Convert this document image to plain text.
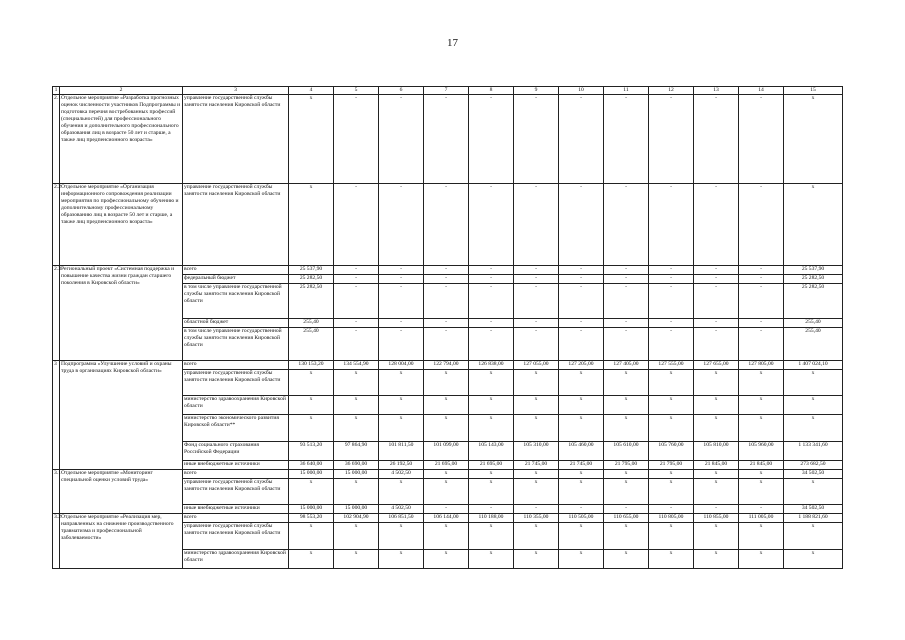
17
1	2	3	4	5	6	7	8	9	10	11	12	13	14	15
2.1	Отдельное мероприятие «Разработка прогнозных оценок численности участников Подпрограммы и подготовка перечня востребованных профессий (специальностей) для профессионального обучения и дополнительного профессионального образования лиц в возрасте 50 лет и старше, а также лиц предпенсионного возраста»	управление государственной службы занятости населения Кировской области	x	-	-	-	-	-	-	-	-	-	-	x
2.2	Отдельное мероприятие «Организация информационного сопровождения реализации мероприятия по профессиональному обучению и дополнительному профессиональному образованию лиц в возрасте 50 лет и старше, а также лиц предпенсионного возраста»	управление государственной службы занятости населения Кировской области	x	-	-	-	-	-	-	-	-	-	-	x
2.3	Региональный проект «Системная поддержка и повышение качества жизни граждан старшего поколения в Кировской области»	всего	25 537,90	-	-	-	-	-	-	-	-	-	-	25 537,90
		федеральный бюджет	25 282,50	-	-	-	-	-	-	-	-	-	-	25 282,50
		в том числе управление государственной службы занятости населения Кировской области	25 282,50	-	-	-	-	-	-	-	-	-	-	25 282,50
		областной бюджет	255,40	-	-	-	-	-	-	-	-	-	-	255,40
		в том числе управление государственной службы занятости населения Кировской области	255,40	-	-	-	-	-	-	-	-	-	-	255,40
3	Подпрограмма «Улучшение условий и охраны труда в организациях Кировской области»	всего	130 153,20	134 554,90	128 004,00	122 794,00	126 838,00	127 055,00	127 205,00	127 405,00	127 555,00	127 655,00	127 805,00	1 407 024,10
		управление государственной службы занятости населения Кировской области	x	x	x	x	x	x	x	x	x	x	x	x
		министерство здравоохранения Кировской области	x	x	x	x	x	x	x	x	x	x	x	x
		министерство экономического развития Кировской области**	x	x	x	x	x	x	x	x	x	x	x	x
		Фонд социального страхования Российской Федерации	93 513,20	97 864,90	101 811,50	101 099,00	105 143,00	105 310,00	105 460,00	105 610,00	105 760,00	105 810,00	105 960,00	1 133 341,60
		иные внебюджетные источники	36 640,00	36 690,00	26 192,50	21 695,00	21 695,00	21 745,00	21 745,00	21 795,00	21 795,00	21 845,00	21 845,00	273 682,50
3.1	Отдельное мероприятие «Мониторинг специальной оценки условий труда»	всего	15 000,00	15 000,00	4 502,50	x	x	x	x	x	x	x	x	34 502,50
		управление государственной службы занятости населения Кировской области	x	x	x	x	x	x	x	x	x	x	x	x
		иные внебюджетные источники	15 000,00	15 000,00	4 502,50	-	-	-	-	-	-	-	-	34 502,50
3.2	Отдельное мероприятие «Реализация мер, направленных на снижение производственного травматизма и профессиональной заболеваемости»	всего	98 553,20	102 904,90	106 851,50	106 144,00	110 188,00	110 355,00	110 505,00	110 655,00	110 805,00	110 855,00	111 005,00	1 188 821,60
		управление государственной службы занятости населения Кировской области	x	x	x	x	x	x	x	x	x	x	x	x
		министерство здравоохранения Кировской области	x	x	x	x	x	x	x	x	x	x	x	x
